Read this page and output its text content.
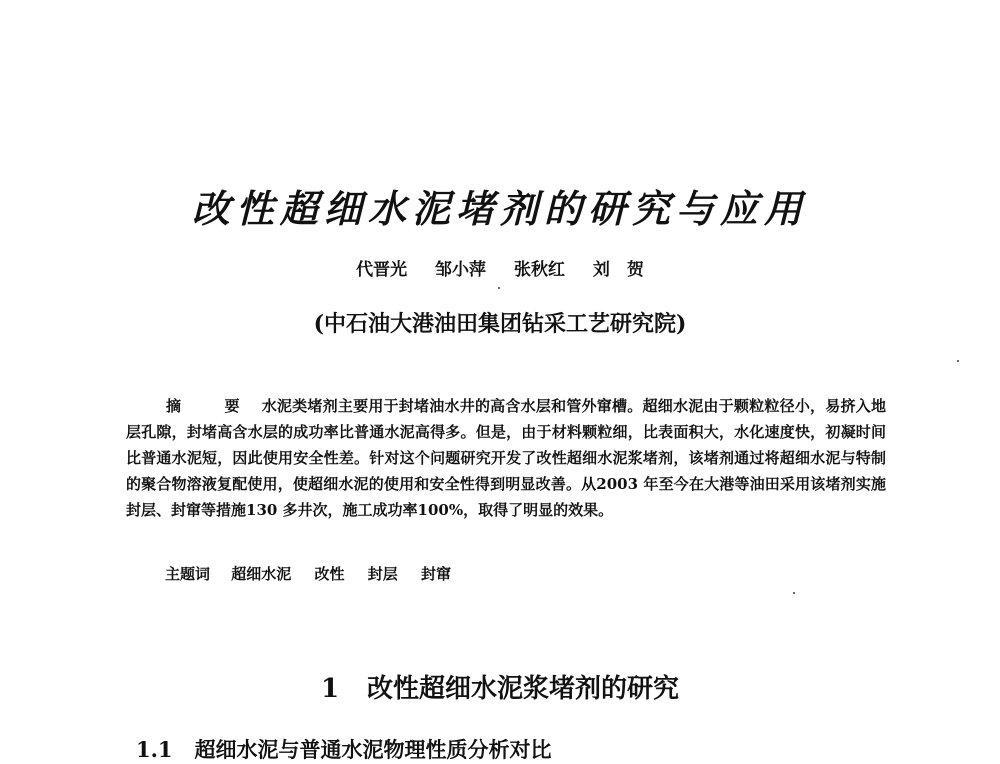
改性超细水泥堵剂的研究与应用
代晋光 邹小萍 张秋红 刘　贺
(中石油大港油田集团钻采工艺研究院)
摘　要 水泥类堵剂主要用于封堵油水井的高含水层和管外窜槽。超细水泥由于颗粒粒径小，易挤入地层孔隙，封堵高含水层的成功率比普通水泥高得多。但是，由于材料颗粒细，比表面积大，水化速度快，初凝时间比普通水泥短，因此使用安全性差。针对这个问题研究开发了改性超细水泥浆堵剂，该堵剂通过将超细水泥与特制的聚合物溶液复配使用，使超细水泥的使用和安全性得到明显改善。从2003 年至今在大港等油田采用该堵剂实施封层、封窜等措施130 多井次，施工成功率100%，取得了明显的效果。
主题词 超细水泥 改性 封层 封窜
1 改性超细水泥浆堵剂的研究
1.1 超细水泥与普通水泥物理性质分析对比
